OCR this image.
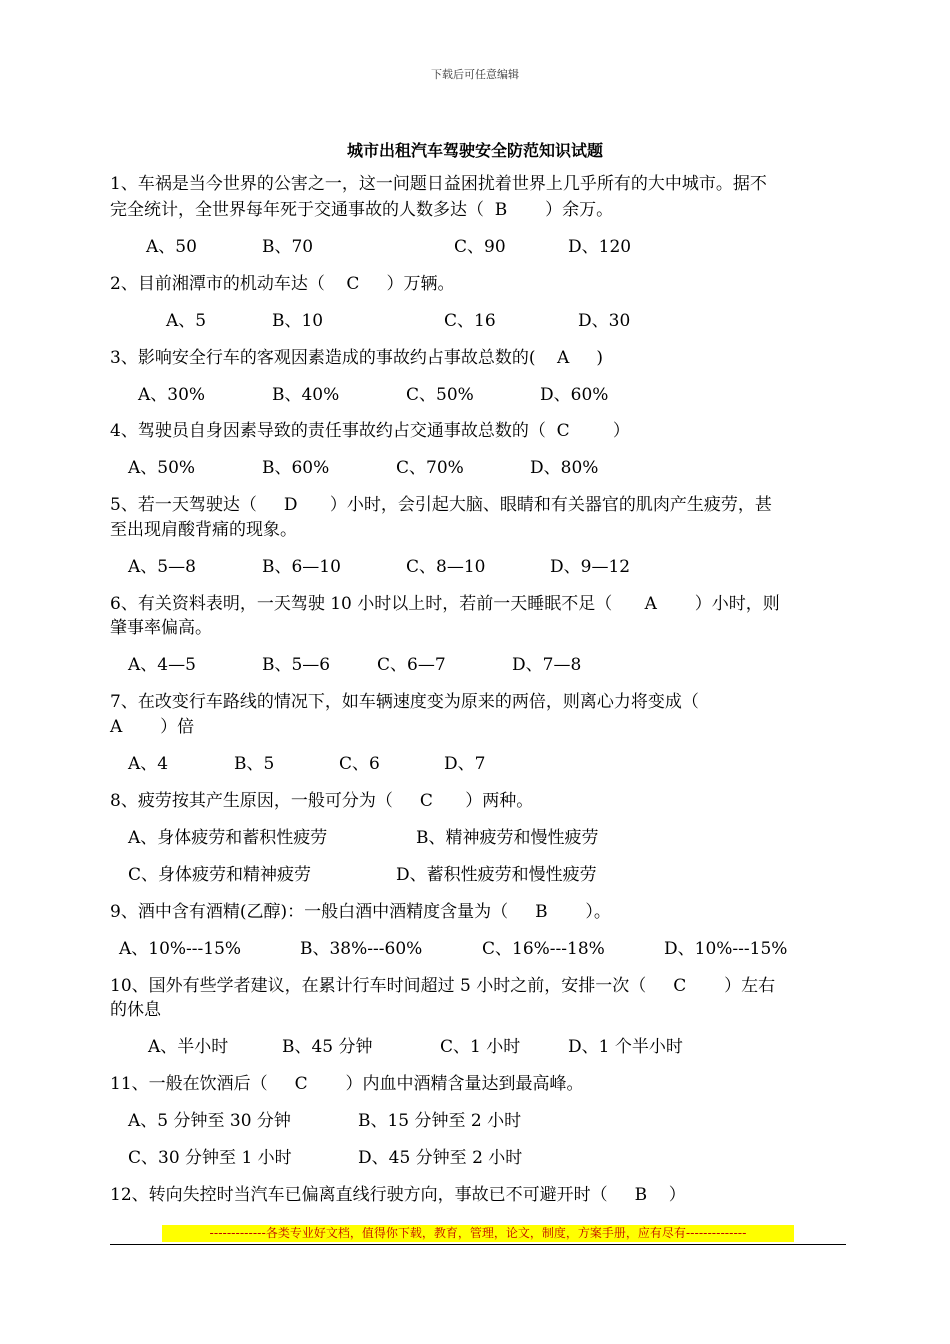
下载后可任意编辑
城市出租汽车驾驶安全防范知识试题
1、车祸是当今世界的公害之一，这一问题日益困扰着世界上几乎所有的大中城市。据不
完全统计，全世界每年死于交通事故的人数多达（  B       ）余万。
A、50	B、70	C、90	D、120
2、目前湘潭市的机动车达（    C     ）万辆。
A、5	B、10	C、16	D、30
3、影响安全行车的客观因素造成的事故约占事故总数的(    A     )
A、30%	B、40%	C、50%	D、60%
4、驾驶员自身因素导致的责任事故约占交通事故总数的（  C        ）
A、50%	B、60%	C、70%	D、80%
5、若一天驾驶达（     D      ）小时，会引起大脑、眼睛和有关器官的肌肉产生疲劳，甚
至出现肩酸背痛的现象。
A、5—8	B、6—10	C、8—10	D、9—12
6、有关资料表明，一天驾驶 10 小时以上时，若前一天睡眠不足（      A       ）小时，则
肇事率偏高。
A、4—5	B、5—6	C、6—7	D、7—8
7、在改变行车路线的情况下，如车辆速度变为原来的两倍，则离心力将变成（
A       ）倍
A、4	B、5	C、6	D、7
8、疲劳按其产生原因，一般可分为（     C      ）两种。
A、身体疲劳和蓄积性疲劳	B、精神疲劳和慢性疲劳
C、身体疲劳和精神疲劳	D、蓄积性疲劳和慢性疲劳
9、酒中含有酒精(乙醇)：一般白酒中酒精度含量为（     B       ）。
A、10%---15%	B、38%---60%	C、16%---18%	D、10%---15%
10、国外有些学者建议，在累计行车时间超过 5 小时之前，安排一次（     C       ）左右
的休息
A、半小时	B、45 分钟	C、1 小时	D、1 个半小时
11、一般在饮酒后（     C       ）内血中酒精含量达到最高峰。
A、5 分钟至 30 分钟	B、15 分钟至 2 小时
C、30 分钟至 1 小时	D、45 分钟至 2 小时
12、转向失控时当汽车已偏离直线行驶方向，事故已不可避开时（     B    ）
-------------各类专业好文档，值得你下载，教育，管理，论文，制度，方案手册，应有尽有--------------
